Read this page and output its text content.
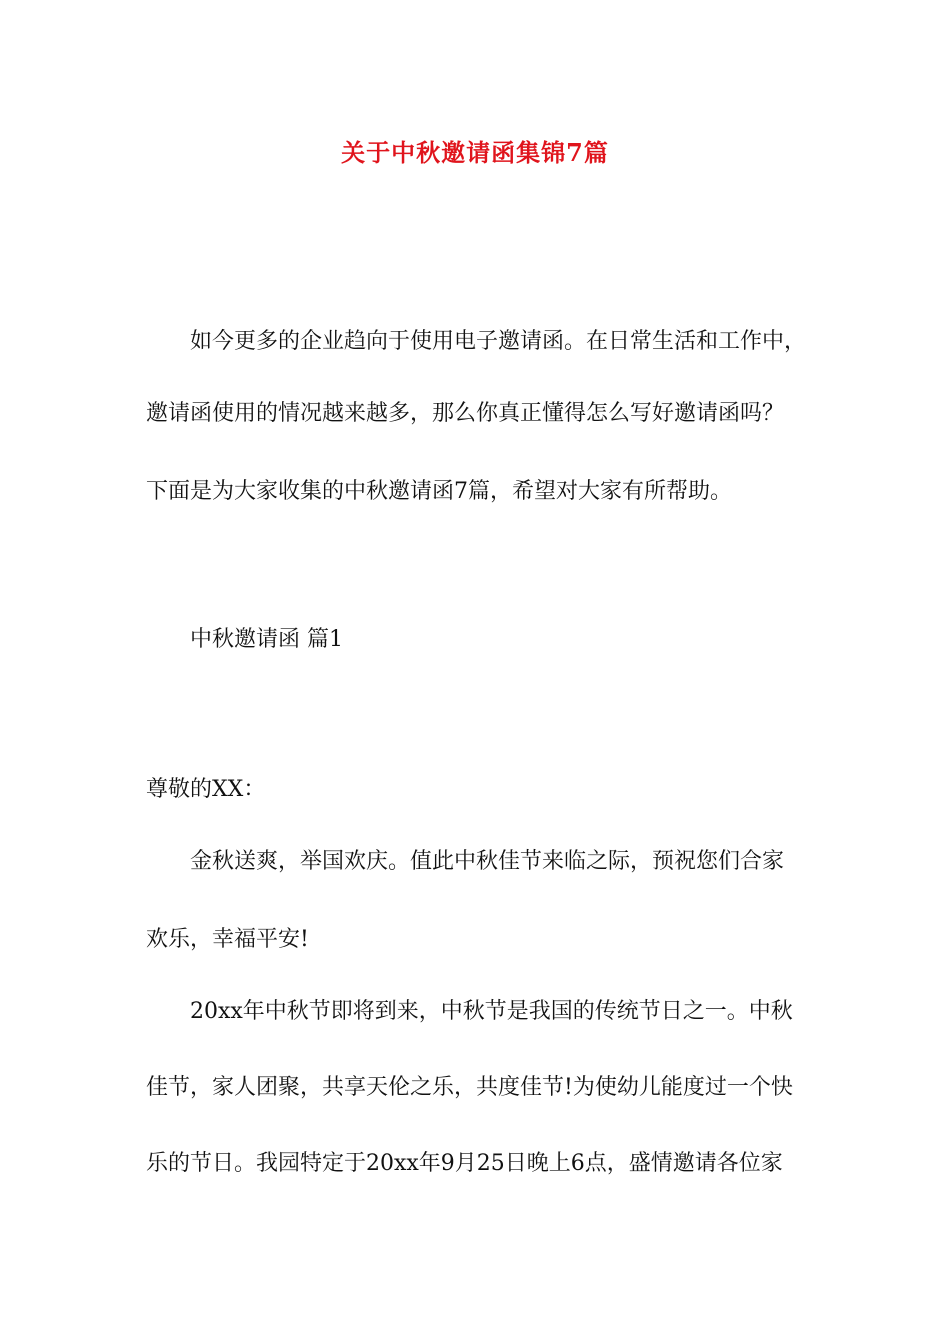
关于中秋邀请函集锦7篇
如今更多的企业趋向于使用电子邀请函。在日常生活和工作中，
邀请函使用的情况越来越多，那么你真正懂得怎么写好邀请函吗？
下面是为大家收集的中秋邀请函7篇，希望对大家有所帮助。
中秋邀请函 篇1
尊敬的XX：
金秋送爽，举国欢庆。值此中秋佳节来临之际，预祝您们合家
欢乐，幸福平安!
20xx年中秋节即将到来，中秋节是我国的传统节日之一。中秋
佳节，家人团聚，共享天伦之乐，共度佳节!为使幼儿能度过一个快
乐的节日。我园特定于20xx年9月25日晚上6点，盛情邀请各位家
